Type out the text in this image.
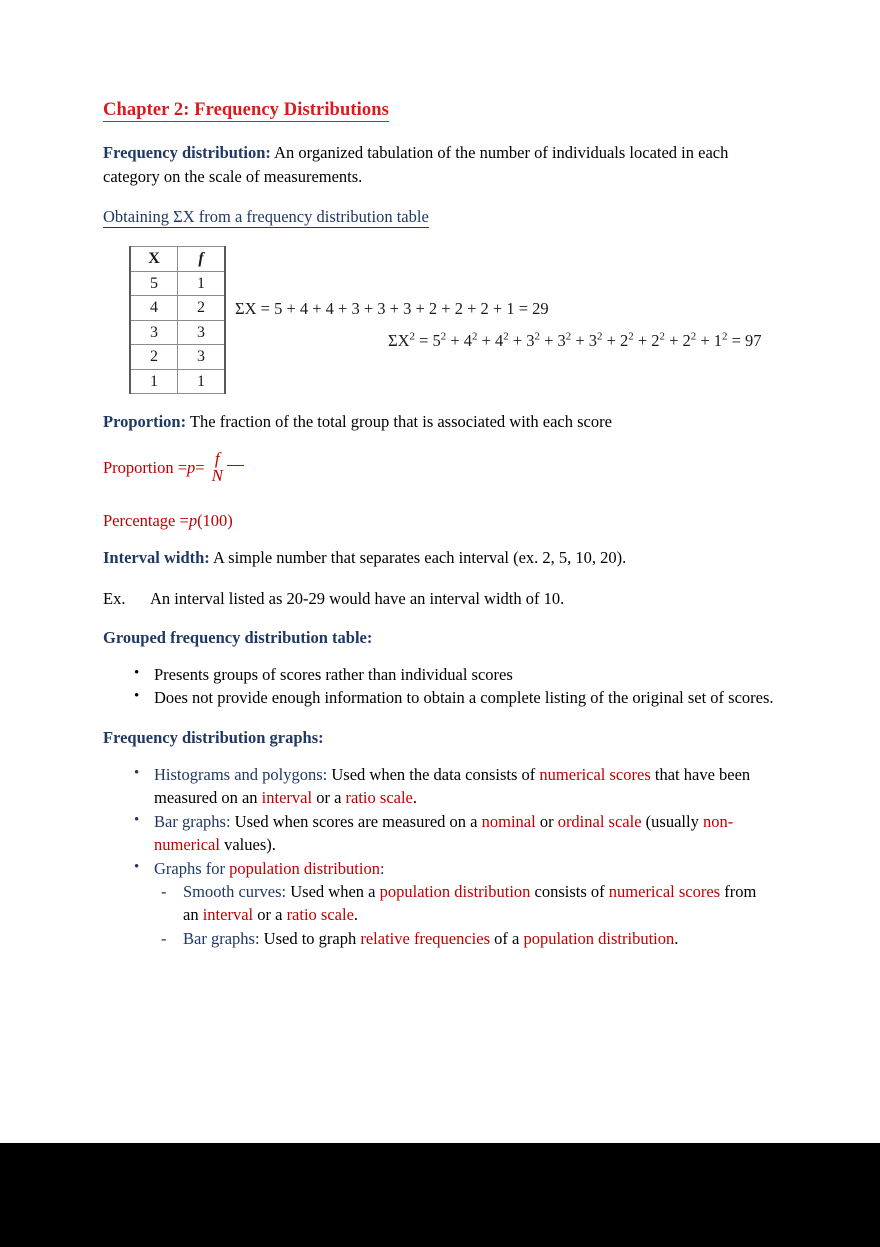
Chapter 2: Frequency Distributions

Frequency distribution: An organized tabulation of the number of individuals located in each category on the scale of measurements.

Obtaining ΣX from a frequency distribution table
X	f
5	1
4	2
3	3
2	3
1	1
ΣX = 5 + 4 + 4 + 3 + 3 + 3 + 2 + 2 + 2 + 1 = 29
$\Sigma X^2 = 5^2 + 4^2 + 4^2 + 3^2 + 3^2 + 3^2 + 2^2 + 2^2 + 2^2 + 1^2 = 97$

Proportion: The fraction of the total group that is associated with each score

Proportion = p =
f
N
Percentage = p (100)

Interval width: A simple number that separates each interval (ex. 2, 5, 10, 20).

Ex.	An interval listed as 20-29 would have an interval width of 10.
Grouped frequency distribution table:
• Presents groups of scores rather than individual scores
• Does not provide enough information to obtain a complete listing of the original set of scores.
Frequency distribution graphs:
• Histograms and polygons: Used when the data consists of numerical scores that have been measured on an interval or a ratio scale.
• Bar graphs: Used when scores are measured on a nominal or ordinal scale (usually non-numerical values).
• Graphs for population distribution:
- Smooth curves: Used when a population distribution consists of numerical scores from an interval or a ratio scale.
- Bar graphs: Used to graph relative frequencies of a population distribution.
